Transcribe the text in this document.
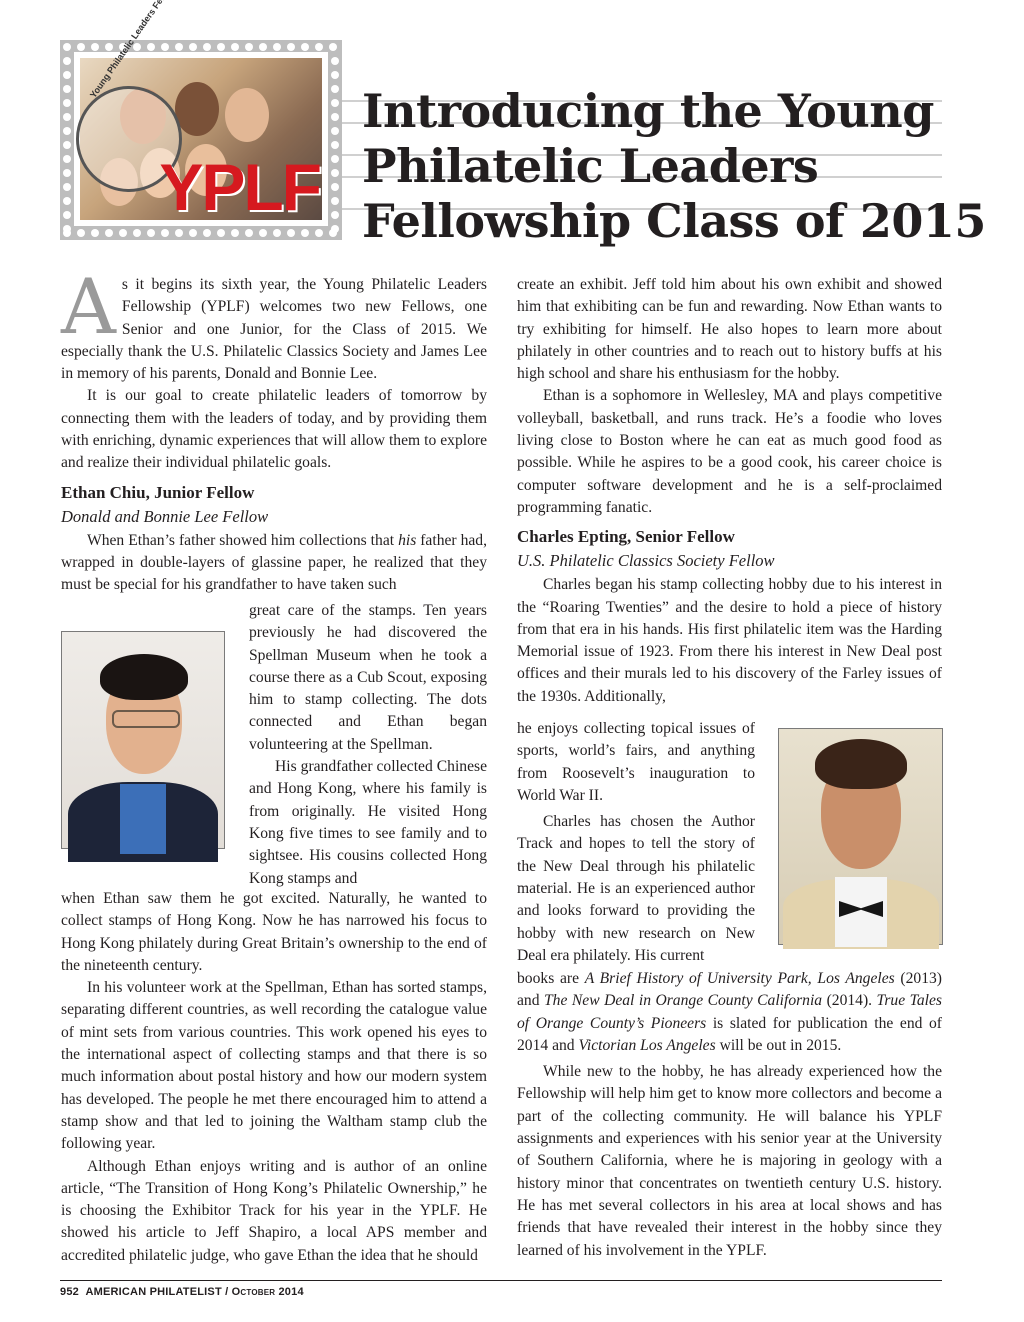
Young Philatelic Leaders
YPLF
Introducing the Young
Philatelic Leaders
Fellowship Class of 2015

As it begins its sixth year, the Young Philatelic Leaders Fellowship (YPLF) welcomes two new Fellows, one Senior and one Junior, for the Class of 2015. We especially thank the U.S. Philatelic Classics Society and James Lee in memory of his parents, Donald and Bonnie Lee.

It is our goal to create philatelic leaders of tomorrow by connecting them with the leaders of today, and by providing them with enriching, dynamic experiences that will allow them to explore and realize their individual philatelic goals.

Ethan Chiu, Junior Fellow
Donald and Bonnie Lee Fellow

When Ethan’s father showed him collections that his father had, wrapped in double-layers of glassine paper, he realized that they must be special for his grandfather to have taken such

great care of the stamps. Ten years previously he had discovered the Spellman Museum when he took a course there as a Cub Scout, exposing him to stamp collecting. The dots connected and Ethan began volunteering at the Spellman.

His grandfather collected Chinese and Hong Kong, where his family is from originally. He visited Hong Kong five times to see family and to sightsee. His cousins collected Hong Kong stamps and

when Ethan saw them he got excited. Naturally, he wanted to collect stamps of Hong Kong. Now he has narrowed his focus to Hong Kong philately during Great Britain’s ownership to the end of the nineteenth century.

In his volunteer work at the Spellman, Ethan has sorted stamps, separating different countries, as well recording the catalogue value of mint sets from various countries. This work opened his eyes to the international aspect of collecting stamps and that there is so much information about postal history and how our modern system has developed. The people he met there encouraged him to attend a stamp show and that led to joining the Waltham stamp club the following year.

Although Ethan enjoys writing and is author of an online article, “The Transition of Hong Kong’s Philatelic Ownership,” he is choosing the Exhibitor Track for his year in the YPLF. He showed his article to Jeff Shapiro, a local APS member and accredited philatelic judge, who gave Ethan the idea that he should

create an exhibit. Jeff told him about his own exhibit and showed him that exhibiting can be fun and rewarding. Now Ethan wants to try exhibiting for himself. He also hopes to learn more about philately in other countries and to reach out to history buffs at his high school and share his enthusiasm for the hobby.

Ethan is a sophomore in Wellesley, MA and plays competitive volleyball, basketball, and runs track. He’s a foodie who loves living close to Boston where he can eat as much good food as possible. While he aspires to be a good cook, his career choice is computer software development and he is a self-proclaimed programming fanatic.

Charles Epting, Senior Fellow
U.S. Philatelic Classics Society Fellow

Charles began his stamp collecting hobby due to his interest in the “Roaring Twenties” and the desire to hold a piece of history from that era in his hands. His first philatelic item was the Harding Memorial issue of 1923. From there his interest in New Deal post offices and their murals led to his discovery of the Farley issues of the 1930s. Additionally,

he enjoys collecting topical issues of sports, world’s fairs, and anything from Roosevelt’s inauguration to World War II.

Charles has chosen the Author Track and hopes to tell the story of the New Deal through his philatelic material. He is an experienced author and looks forward to providing the hobby with new research on New Deal era philately. His current

books are A Brief History of University Park, Los Angeles (2013) and The New Deal in Orange County California (2014). True Tales of Orange County’s Pioneers is slated for publication the end of 2014 and Victorian Los Angeles will be out in 2015.

While new to the hobby, he has already experienced how the Fellowship will help him get to know more collectors and become a part of the collecting community. He will balance his YPLF assignments and experiences with his senior year at the University of Southern California, where he is majoring in geology with a history minor that concentrates on twentieth century U.S. history. He has met several collectors in his area at local shows and has friends that have revealed their interest in the hobby since they learned of his involvement in the YPLF.

952 AMERICAN PHILATELIST / October 2014
